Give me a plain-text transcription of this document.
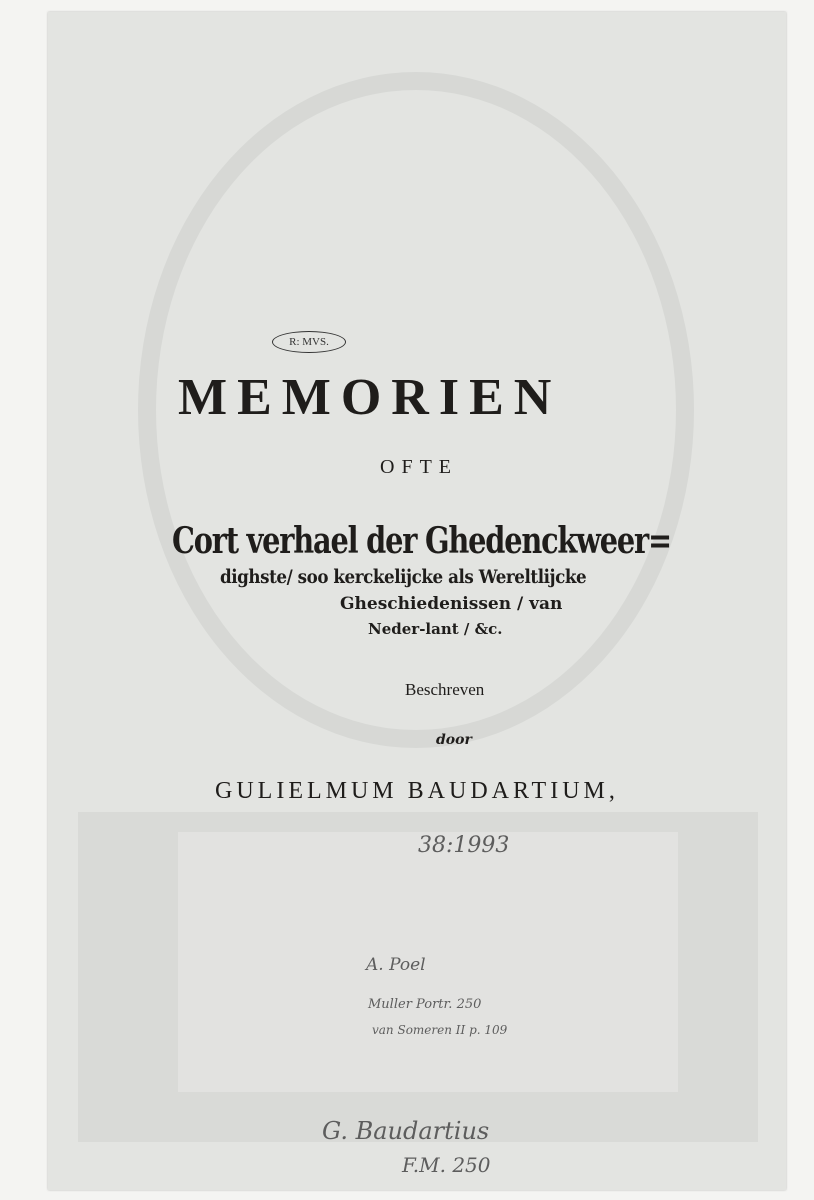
R: MVS.
MEMORIEN
OFTE
Cort verhael der Ghedenckweer=
dighste/ soo kerckelijcke als Wereltlijcke
Gheschiedenissen / van
Neder-lant / &c.
Beschreven
door
GULIELMUM BAUDARTIUM,
38:1993
A. Poel
Muller Portr. 250
van Someren II p. 109
G. Baudartius
F.M. 250
